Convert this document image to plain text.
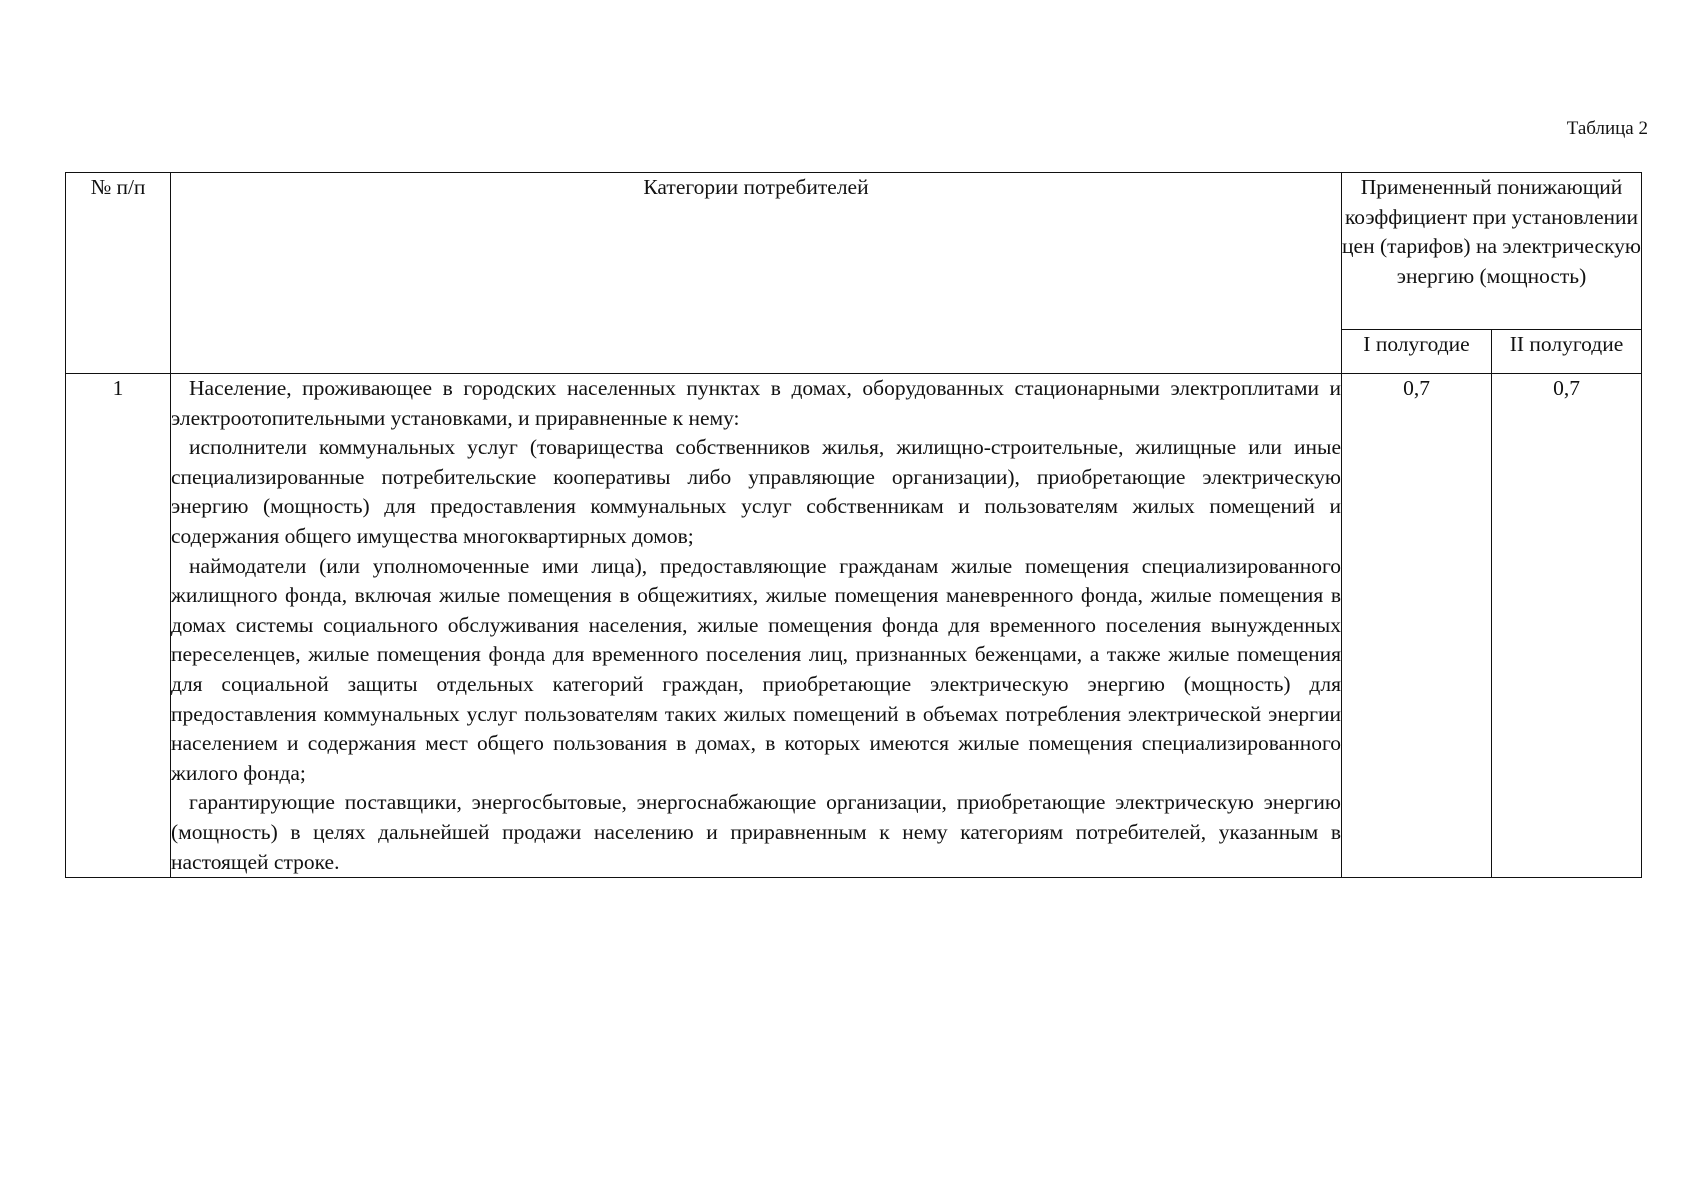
Таблица 2
№ п/п	Категории потребителей	Примененный понижающий коэффициент при установлении цен (тарифов) на электрическую энергию (мощность)	
		I полугодие	II полугодие
1	Население, проживающее в городских населенных пунктах в домах, оборудованных стационарными электроплитами и электроотопительными установками, и приравненные к нему:

исполнители коммунальных услуг (товарищества собственников жилья, жилищно-строительные, жилищные или иные специализированные потребительские кооперативы либо управляющие организации), приобретающие электрическую энергию (мощность) для предоставления коммунальных услуг собственникам и пользователям жилых помещений и содержания общего имущества многоквартирных домов;

наймодатели (или уполномоченные ими лица), предоставляющие гражданам жилые помещения специализированного жилищного фонда, включая жилые помещения в общежитиях, жилые помещения маневренного фонда, жилые помещения в домах системы социального обслуживания населения, жилые помещения фонда для временного поселения вынужденных переселенцев, жилые помещения фонда для временного поселения лиц, признанных беженцами, а также жилые помещения для социальной защиты отдельных категорий граждан, приобретающие электрическую энергию (мощность) для предоставления коммунальных услуг пользователям таких жилых помещений в объемах потребления электрической энергии населением и содержания мест общего пользования в домах, в которых имеются жилые помещения специализированного жилого фонда;

гарантирующие поставщики, энергосбытовые, энергоснабжающие организации, приобретающие электрическую энергию (мощность) в целях дальнейшей продажи населению и приравненным к нему категориям потребителей, указанным в настоящей строке.	0,7	0,7
